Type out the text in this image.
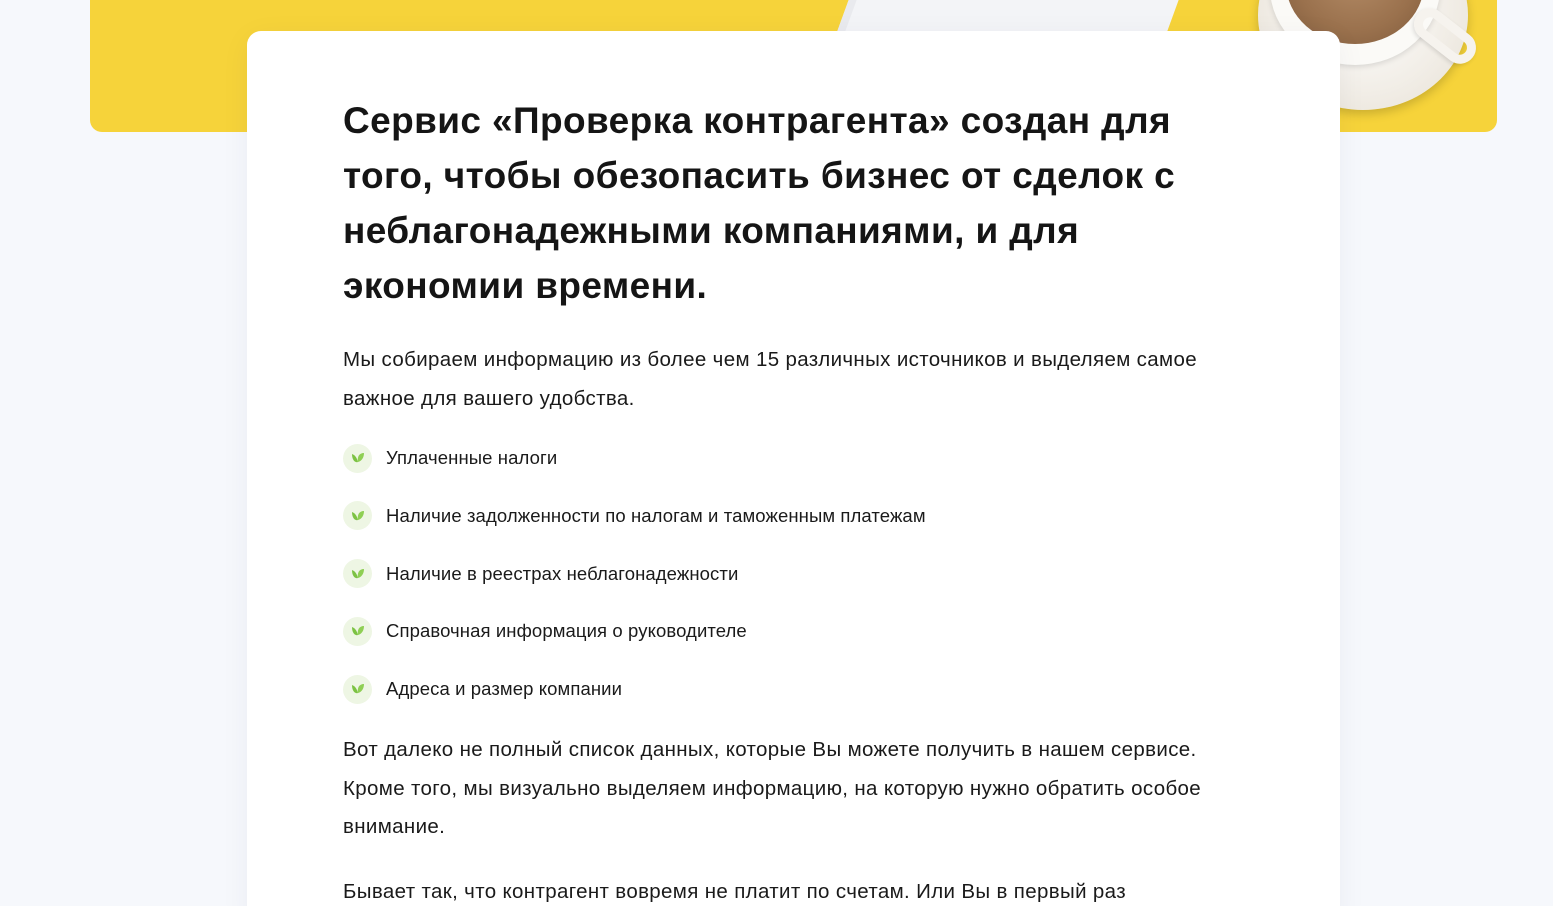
Сервис «Проверка контрагента» создан для того, чтобы обезопасить бизнес от сделок с неблагонадежными компаниями, и для экономии времени.

Мы собираем информацию из более чем 15 различных источников и выделяем самое важное для вашего удобства.

Уплаченные налоги
Наличие задолженности по налогам и таможенным платежам
Наличие в реестрах неблагонадежности
Справочная информация о руководителе
Адреса и размер компании

Вот далеко не полный список данных, которые Вы можете получить в нашем сервисе. Кроме того, мы визуально выделяем информацию, на которую нужно обратить особое внимание.

Бывает так, что контрагент вовремя не платит по счетам. Или Вы в первый раз
